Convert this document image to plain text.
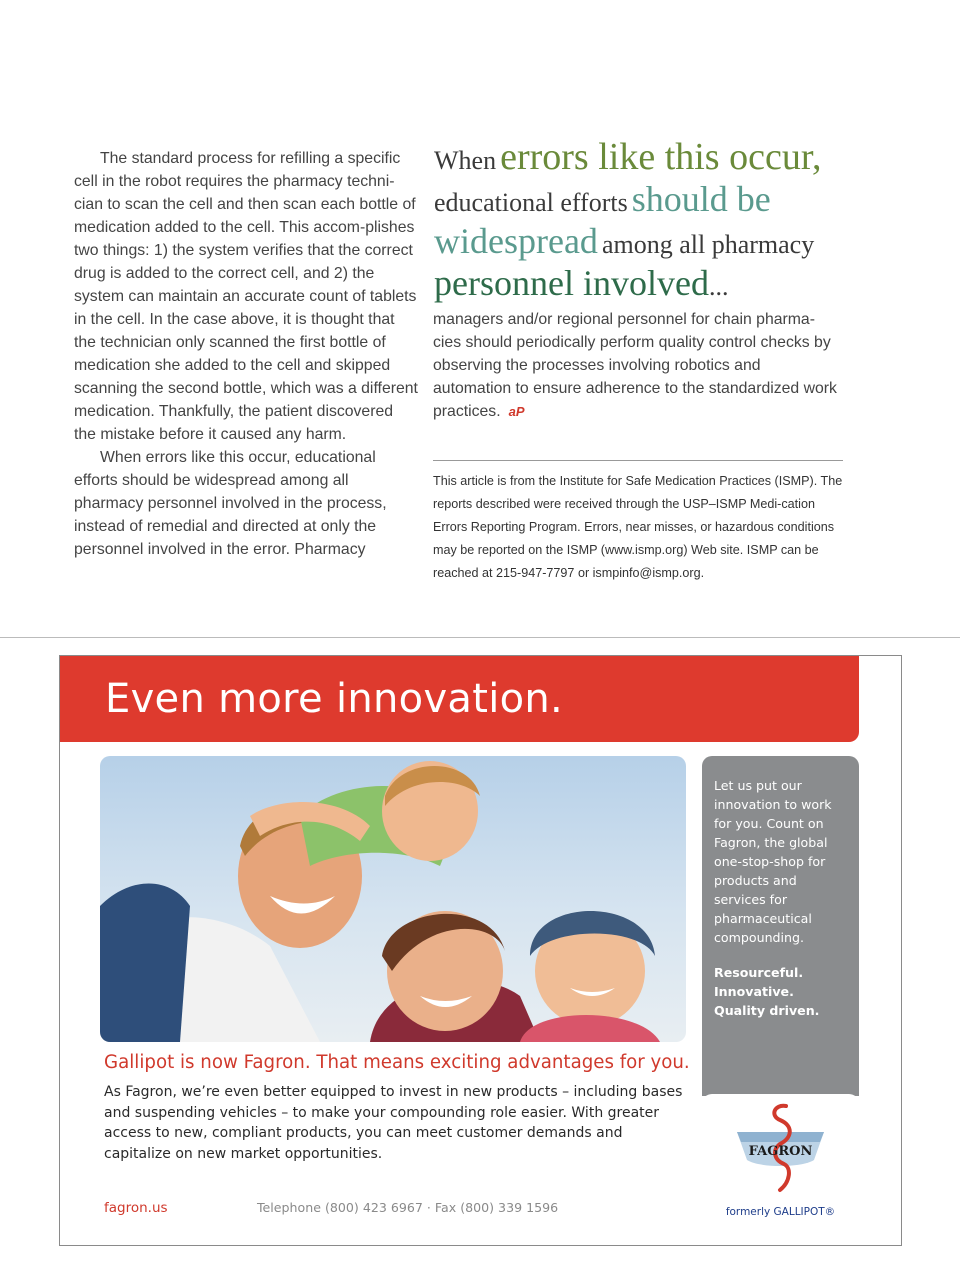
The standard process for refilling a specific cell in the robot requires the pharmacy techni-cian to scan the cell and then scan each bottle of medication added to the cell. This accom-plishes two things: 1) the system verifies that the correct drug is added to the correct cell, and 2) the system can maintain an accurate count of tablets in the cell. In the case above, it is thought that the technician only scanned the first bottle of medication she added to the cell and skipped scanning the second bottle, which was a different medication. Thankfully, the patient discovered the mistake before it caused any harm.

When errors like this occur, educational efforts should be widespread among all pharmacy personnel involved in the process, instead of remedial and directed at only the personnel involved in the error. Pharmacy

When errors like this occur,
educational efforts should be
widespread among all pharmacy
personnel involved...
managers and/or regional personnel for chain pharma-cies should periodically perform quality control checks by observing the processes involving robotics and automation to ensure adherence to the standardized work practices. aP
This article is from the Institute for Safe Medication Practices (ISMP). The reports described were received through the USP–ISMP Medi-cation Errors Reporting Program. Errors, near misses, or hazardous conditions may be reported on the ISMP (www.ismp.org) Web site. ISMP can be reached at 215-947-7797 or ismpinfo@ismp.org.
Even more innovation.

Let us put our innovation to work for you. Count on Fagron, the global one-stop-shop for products and services for pharmaceutical compounding.

Resourceful.
Innovative.
Quality driven.
FAGRON
formerly GALLIPOT®
Gallipot is now Fagron. That means exciting advantages for you.
As Fagron, we’re even better equipped to invest in new products – including bases and suspending vehicles – to make your compounding role easier. With greater access to new, compliant products, you can meet customer demands and capitalize on new market opportunities.
fagron.us	Telephone (800) 423 6967 · Fax (800) 339 1596
